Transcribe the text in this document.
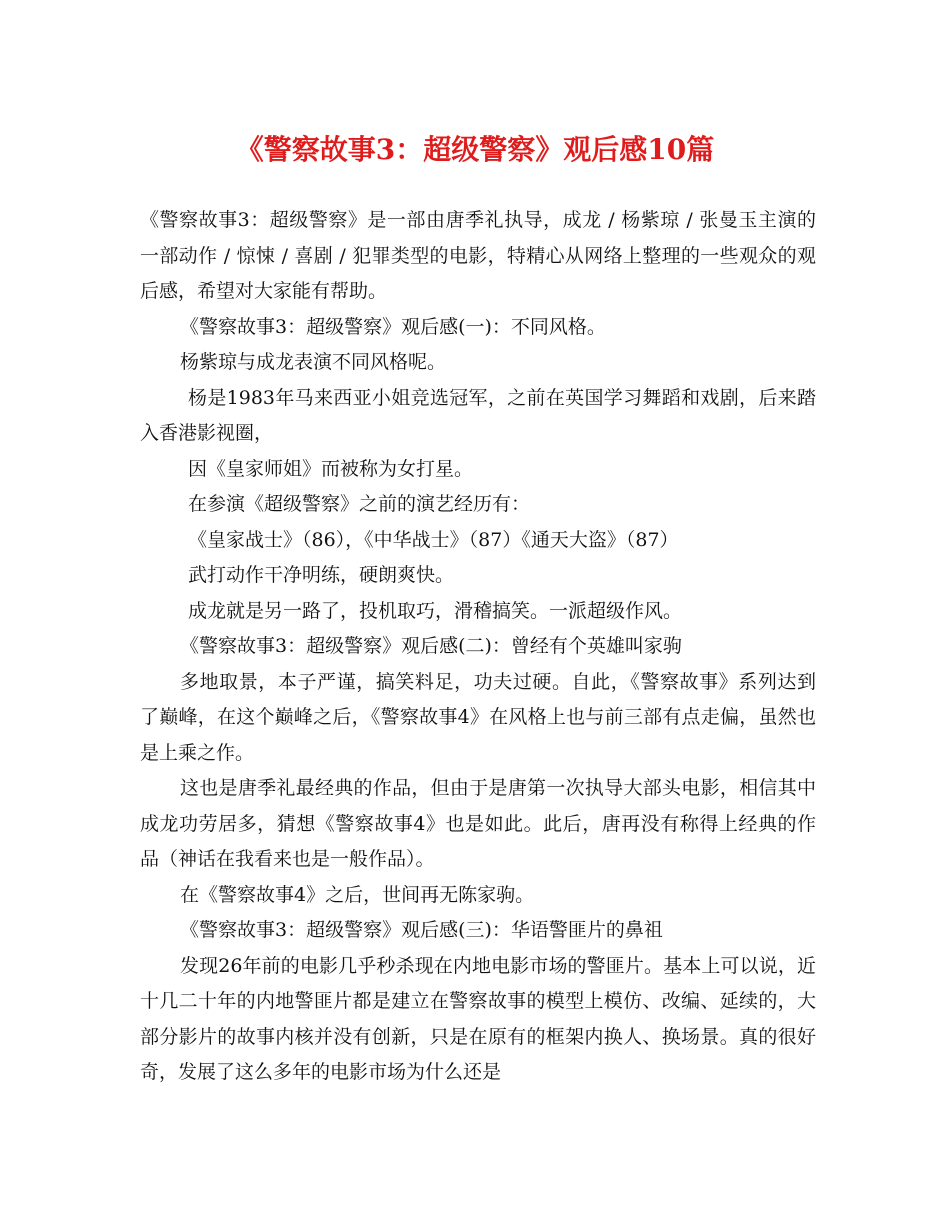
《警察故事3：超级警察》观后感10篇

《警察故事3：超级警察》是一部由唐季礼执导，成龙 / 杨紫琼 / 张曼玉主演的一部动作 / 惊悚 / 喜剧 / 犯罪类型的电影，特精心从网络上整理的一些观众的观后感，希望对大家能有帮助。

《警察故事3：超级警察》观后感(一)：不同风格。

杨紫琼与成龙表演不同风格呢。

杨是1983年马来西亚小姐竞选冠军，之前在英国学习舞蹈和戏剧，后来踏入香港影视圈，

因《皇家师姐》而被称为女打星。

在参演《超级警察》之前的演艺经历有：

《皇家战士》（86），《中华战士》（87）《通天大盗》（87）

武打动作干净明练，硬朗爽快。

成龙就是另一路了，投机取巧，滑稽搞笑。一派超级作风。

《警察故事3：超级警察》观后感(二)：曾经有个英雄叫家驹

多地取景，本子严谨，搞笑料足，功夫过硬。自此，《警察故事》系列达到了巅峰，在这个巅峰之后，《警察故事4》在风格上也与前三部有点走偏，虽然也是上乘之作。

这也是唐季礼最经典的作品，但由于是唐第一次执导大部头电影，相信其中成龙功劳居多，猜想《警察故事4》也是如此。此后，唐再没有称得上经典的作品（神话在我看来也是一般作品）。

在《警察故事4》之后，世间再无陈家驹。

《警察故事3：超级警察》观后感(三)：华语警匪片的鼻祖

发现26年前的电影几乎秒杀现在内地电影市场的警匪片。基本上可以说，近十几二十年的内地警匪片都是建立在警察故事的模型上模仿、改编、延续的，大部分影片的故事内核并没有创新，只是在原有的框架内换人、换场景。真的很好奇，发展了这么多年的电影市场为什么还是
